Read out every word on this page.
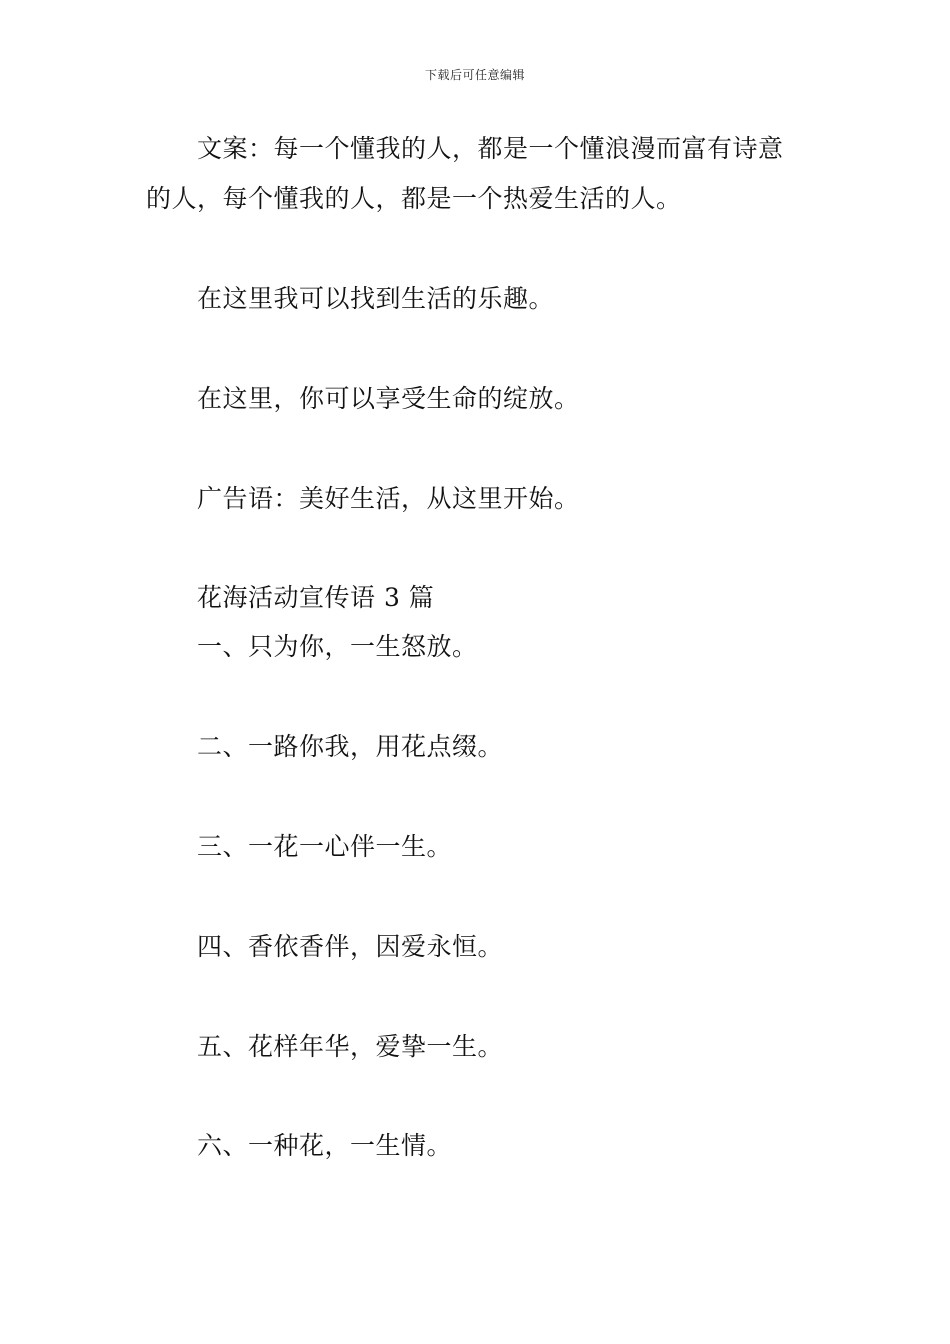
下载后可任意编辑
文案：每一个懂我的人，都是一个懂浪漫而富有诗意
的人，每个懂我的人，都是一个热爱生活的人。
在这里我可以找到生活的乐趣。
在这里，你可以享受生命的绽放。
广告语：美好生活，从这里开始。
花海活动宣传语 3 篇
一、只为你，一生怒放。
二、一路你我，用花点缀。
三、一花一心伴一生。
四、香依香伴，因爱永恒。
五、花样年华，爱挚一生。
六、一种花，一生情。
